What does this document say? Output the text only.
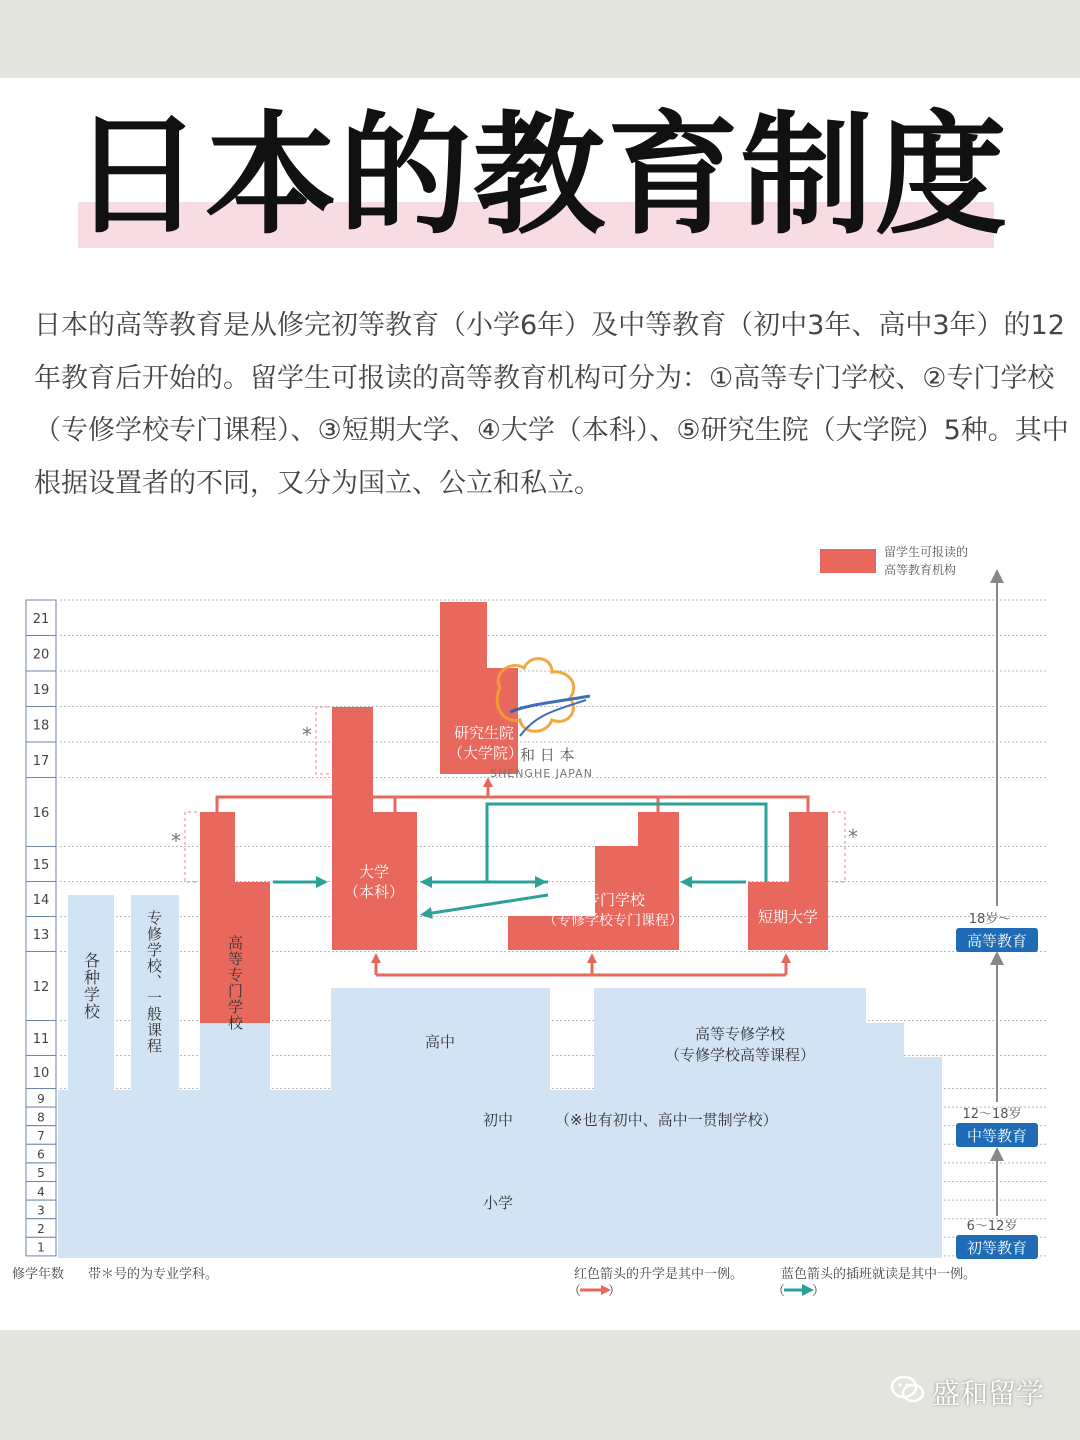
日本的教育制度
日本的高等教育是从修完初等教育（小学6年）及中等教育（初中3年、高中3年）的12年教育后开始的。留学生可报读的高等教育机构可分为：①高等专门学校、②专门学校（专修学校专门课程）、③短期大学、④大学（本科）、⑤研究生院（大学院）5种。其中根据设置者的不同，又分为国立、公立和私立。
21
20
19
18
17
16
15
14
13
12
11
10
9
8
7
6
5
4
3
2
1
*
*	*
研究生院
（大学院）
大学
（本科）	专门学校
（专修学校专门课程）	短期大学
高等专门学校
各种学校	专修学校、一般课程	高中	高等专修学校
（专修学校高等课程）
初中	（※也有初中、高中一贯制学校）
小学
留学生可报读的
高等教育机构
18岁～
高等教育
12～18岁
中等教育
6～12岁
初等教育
修学年数 带＊号的为专业学科。	红色箭头的升学是其中一例。
（ ）
蓝色箭头的插班就读是其中一例。
（ ）
和 日 本
SHENGHE JAPAN
盛和留学
